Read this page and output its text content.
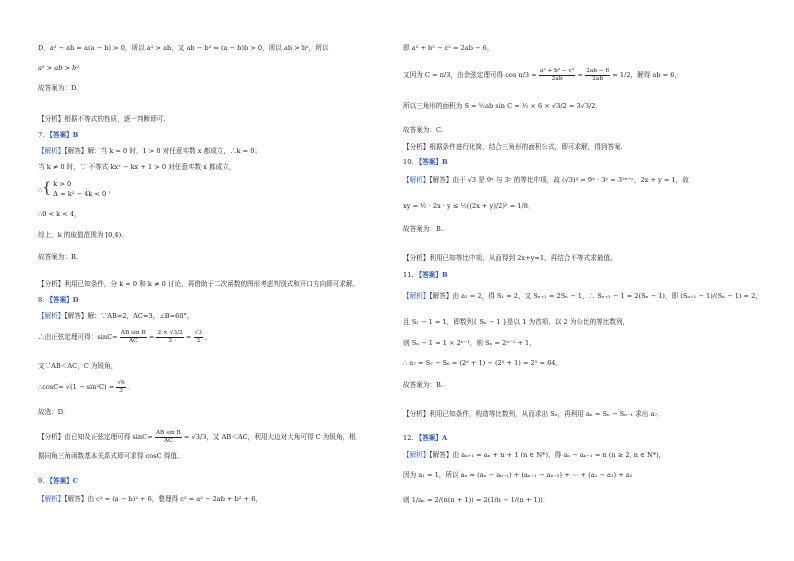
D．a² − ab = a(a − b) > 0，所以 a² > ab，又 ab − b² = (a − b)b > 0，所以 ab > b²，所以
a² > ab > b²
故答案为：D.
【分析】根据不等式的性质，逐一判断即可.
7. 【答案】B
【解析】【解答】解：当 k = 0 时，1 > 0 对任意实数 x 都成立，∴k = 0；
当 k ≠ 0 时，∵ 不等式 kx² − kx + 1 > 0 对任意实数 x 都成立，
∴{ k > 0
Δ = k² − 4k < 0 ，
∴0 < k < 4，
综上，k 的取值范围为 [0,4).
故答案为：B.
【分析】利用已知条件，分 k = 0 和 k ≠ 0 讨论，再借助于二次函数的图形考虑判别式和开口方向即可求解。
8. 【答案】D
【解析】【解答】解：∵AB=2，AC=3，∠B=60°，
∴由正弦定理可得：$\sin C= \frac{\text{AB sin B}}{AC} = \frac{2 \times √3/2}{3} = \frac{√3}{3}$ ，
又∵AB＜AC，C 为锐角，
∴cosC= $√(1 - \sin^2C) = \frac{√6}{3}$ ．
故选：D.
【分析】由已知及正弦定理可得 $\sin C= \frac{\text{AB sin B}}{AC} = √3/3$，又 AB＜AC，利用大边对大角可得 C 为锐角，根
据同角三角函数基本关系式即可求得 cosC 得值.
9. 【答案】C
【解析】【解答】由 c² = (a − b)² + 6，整理得 c² = a² − 2ab + b² + 6，
即 a² + b² − c² = 2ab − 6，
又因为 C = π/3，由余弦定理可得 $\cos \pi/3 = \frac{\text{a² + b² − c²}}{2ab} = \frac{2ab - 6}{2ab} = 1/2$，解得 ab = 6，
所以三角形的面积为 S = ½ab sin C = ½ × 6 × √3/2 = 3√3/2．
故答案为：C.
【分析】根据条件进行化简，结合三角形的面积公式，即可求解，得到答案.
10. 【答案】B
【解析】【解答】由于 √3 是 9ˣ 与 3ʸ 的等比中项，故 (√3)² = 9ˣ · 3ʸ = 3²ˣ⁺ʸ，2x + y = 1，故
xy = ½ · 2x · y ≤ ½((2x + y)/2)² = 1/8．
故答案为：B.
【分析】利用已知等比中项，从而得到 2x+y=1，再结合不等式求最值。
11. 【答案】B
【解析】【解答】由 a₁ = 2，得 S₁ = 2，又 Sₙ₊₁ = 2Sₙ − 1，∴ Sₙ₊₁ − 1 = 2(Sₙ − 1)，即 (Sₙ₊₁ − 1)/(Sₙ − 1) = 2，
且 S₁ − 1 = 1，即数列{ Sₙ − 1 }是以 1 为首项，以 2 为公比的等比数列,
则 Sₙ − 1 = 1 × 2ⁿ⁻¹，则 Sₙ = 2ⁿ⁻¹ + 1，
∴ a₇ = S₇ − S₆ = (2⁶ + 1) − (2⁵ + 1) = 2⁵ = 64．
故答案为：B.
【分析】利用已知条件，构造等比数列，从而求出 Sₙ，再利用 aₙ = Sₙ − Sₙ₋₁ 求出 a₇．
12. 【答案】A
【解析】【解答】由 aₙ₊₁ = aₙ + n + 1 (n ∈ N*)，得 aₙ − aₙ₋₁ = n (n ≥ 2, n ∈ N*)，
因为 a₁ = 1，所以 aₙ = (aₙ − aₙ₋₁) + (aₙ₋₁ − aₙ₋₂) + ⋯ + (a₂ − a₁) + a₁
则 1/aₙ = 2/(n(n + 1)) = 2(1/n − 1/(n + 1))．
